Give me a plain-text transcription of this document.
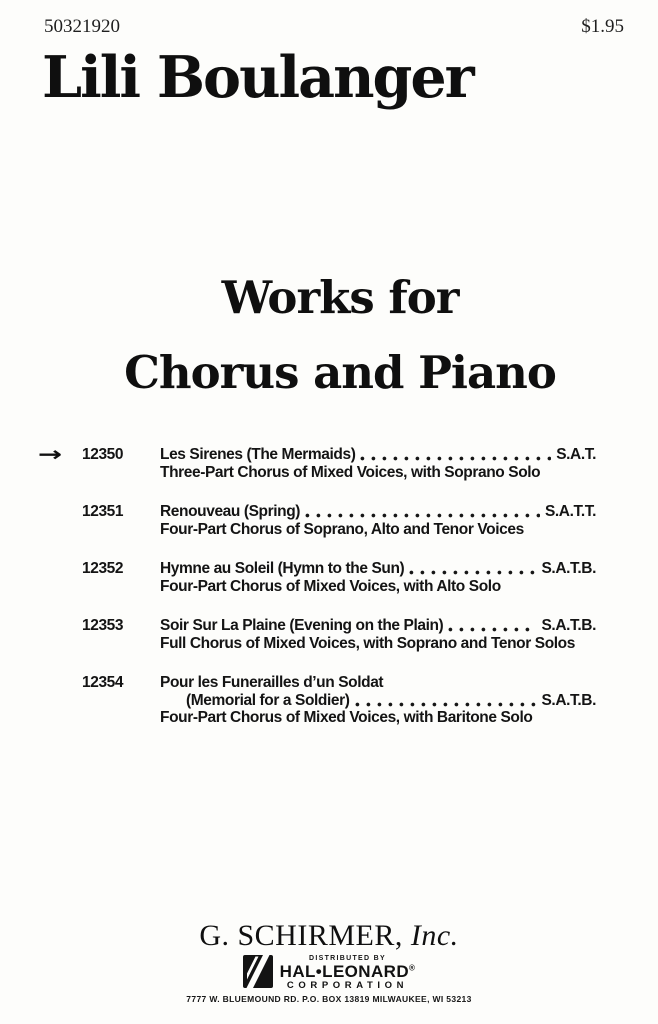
50321920	$1.95
Lili Boulanger
Works for
Chorus and Piano
→	12350	Les Sirenes (The Mermaids)	S.A.T.
Three-Part Chorus of Mixed Voices, with Soprano Solo
12351	Renouveau (Spring)	S.A.T.T.
Four-Part Chorus of Soprano, Alto and Tenor Voices
12352	Hymne au Soleil (Hymn to the Sun)	S.A.T.B.
Four-Part Chorus of Mixed Voices, with Alto Solo
12353	Soir Sur La Plaine (Evening on the Plain)	S.A.T.B.
Full Chorus of Mixed Voices, with Soprano and Tenor Solos
12354	Pour les Funerailles d’un Soldat
(Memorial for a Soldier)	S.A.T.B.
Four-Part Chorus of Mixed Voices, with Baritone Solo
G. SCHIRMER, Inc.
DISTRIBUTED BY
HAL•LEONARD®
CORPORATION
7777 W. BLUEMOUND RD. P.O. BOX 13819 MILWAUKEE, WI 53213
